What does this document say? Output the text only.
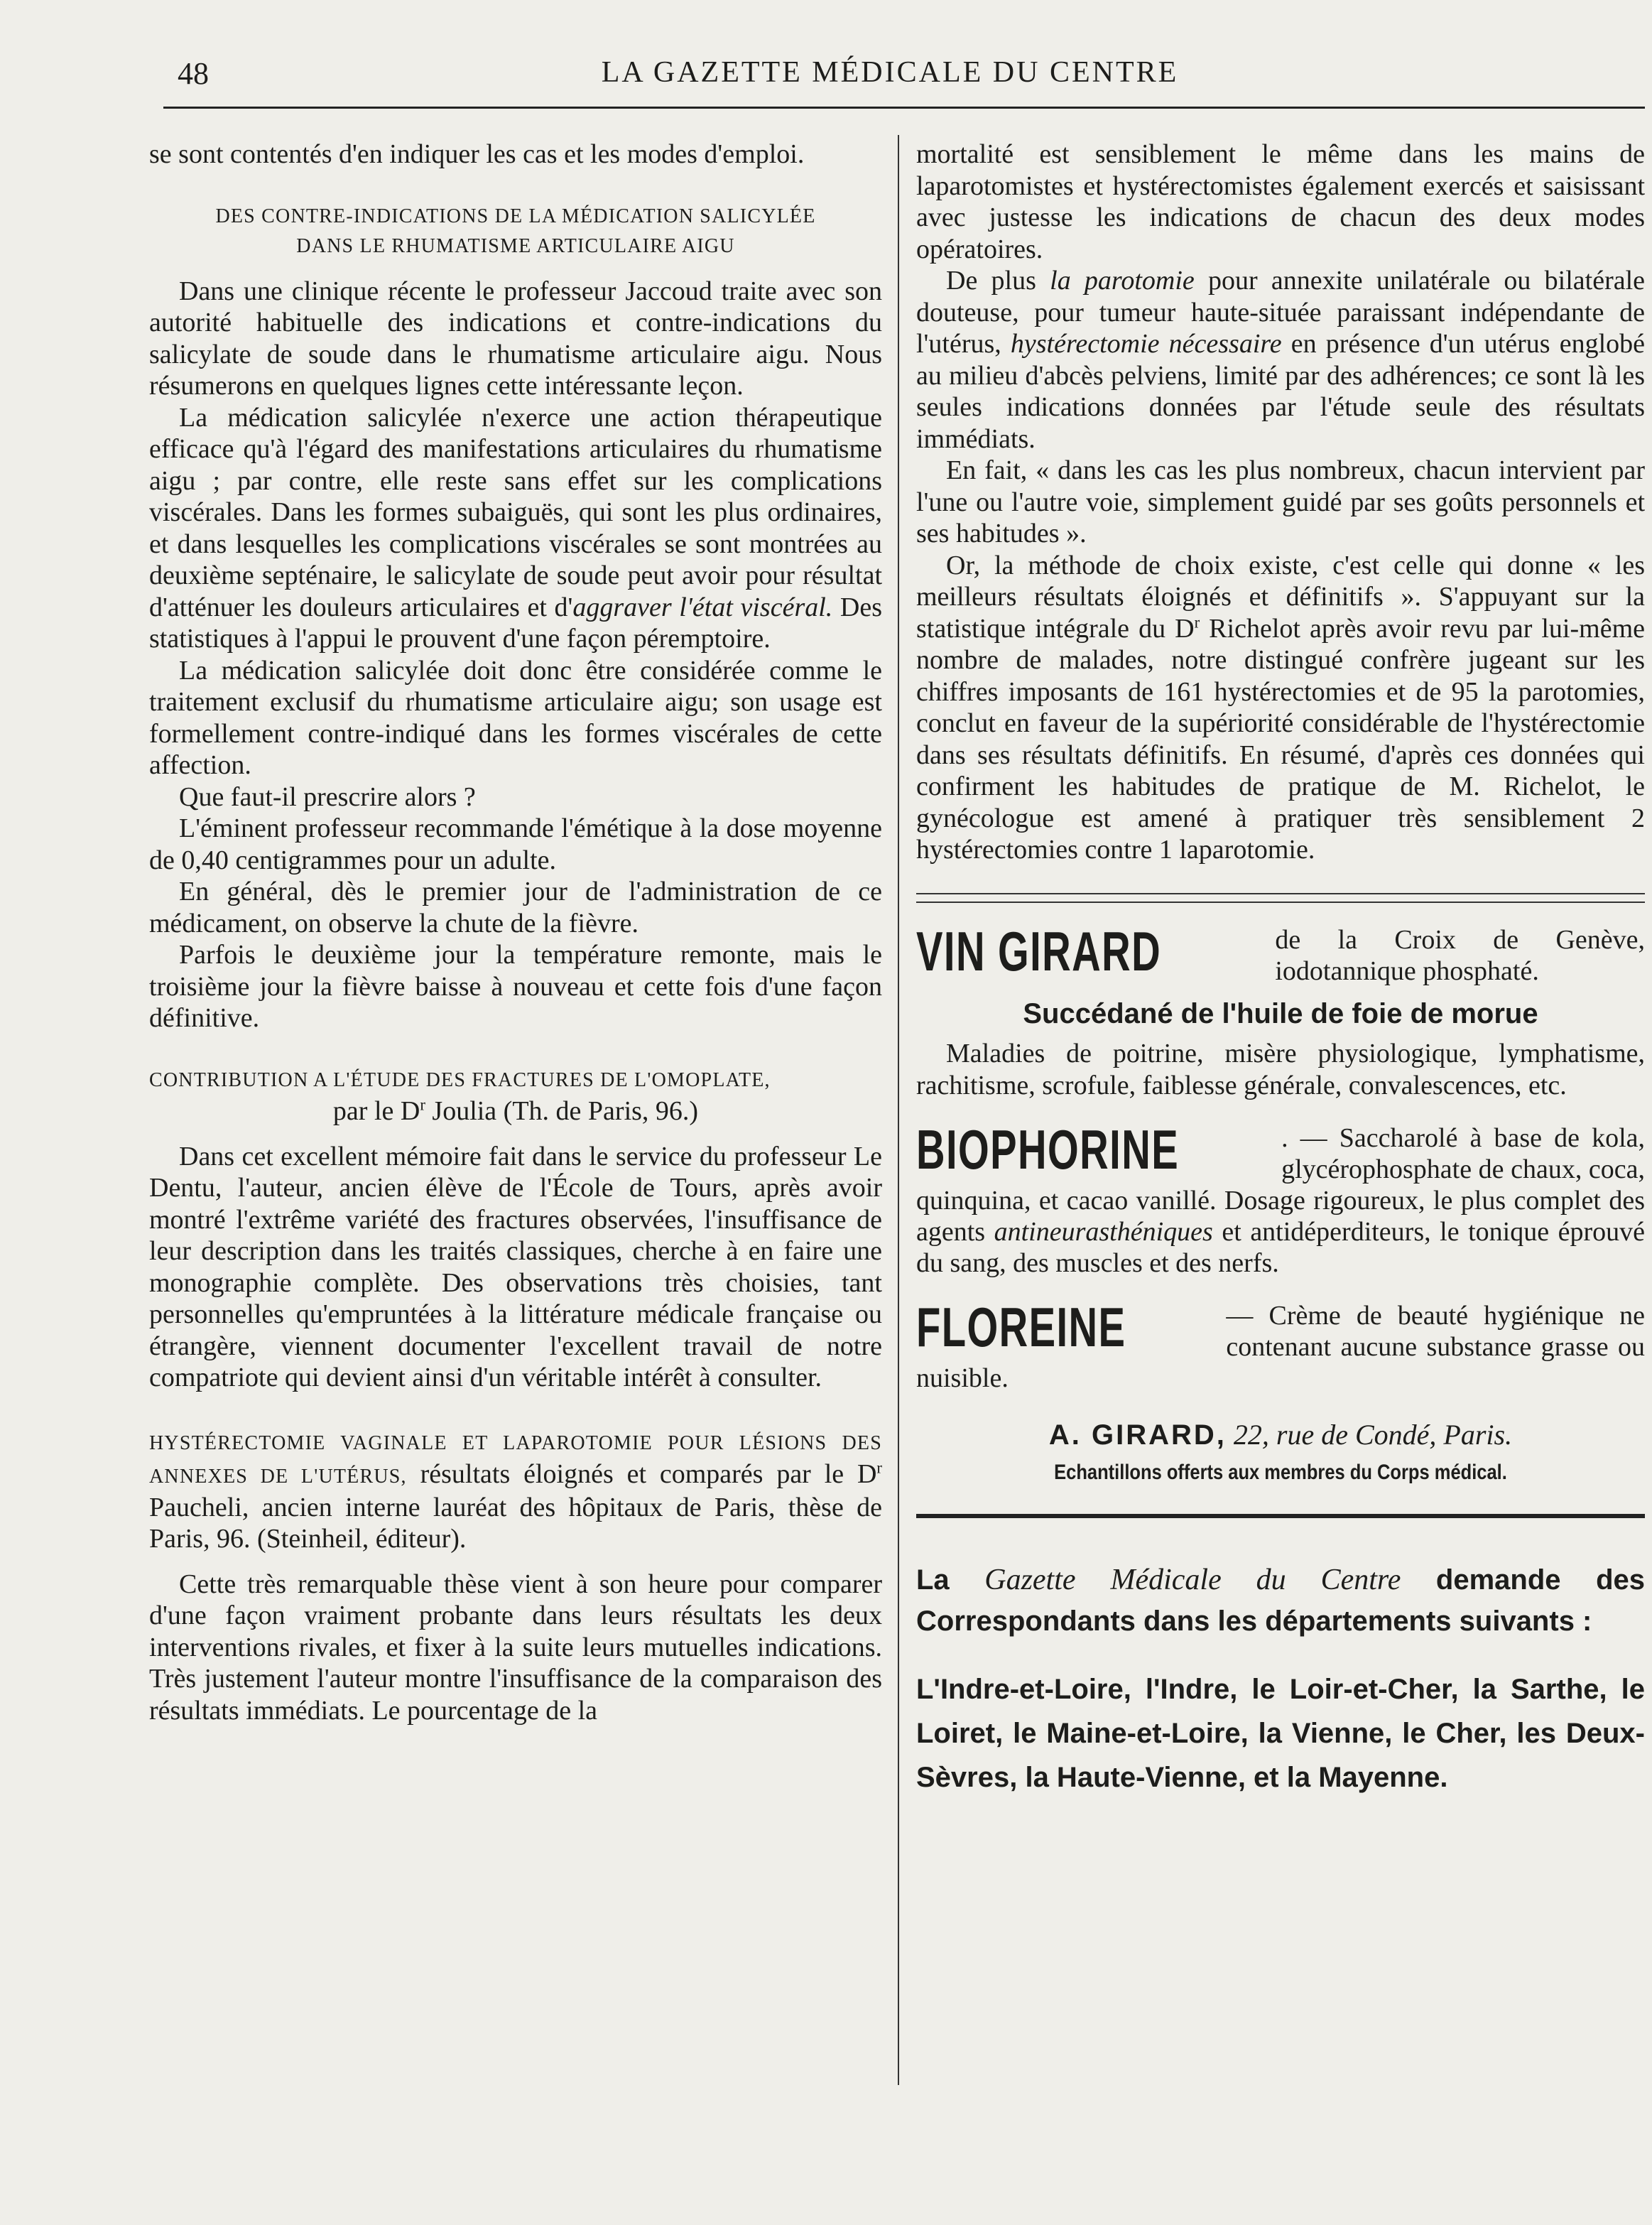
48	LA GAZETTE MÉDICALE DU CENTRE

se sont contentés d'en indiquer les cas et les modes d'emploi.

DES CONTRE-INDICATIONS DE LA MÉDICATION SALICYLÉE
DANS LE RHUMATISME ARTICULAIRE AIGU

Dans une clinique récente le professeur Jaccoud traite avec son autorité habituelle des indications et contre-indications du salicylate de soude dans le rhumatisme articulaire aigu. Nous résumerons en quelques lignes cette intéressante leçon.

La médication salicylée n'exerce une action thérapeutique efficace qu'à l'égard des manifestations articulaires du rhumatisme aigu ; par contre, elle reste sans effet sur les complications viscérales. Dans les formes subaiguës, qui sont les plus ordinaires, et dans lesquelles les complications viscérales se sont montrées au deuxième septénaire, le salicylate de soude peut avoir pour résultat d'atténuer les douleurs articulaires et d'aggraver l'état viscéral. Des statistiques à l'appui le prouvent d'une façon péremptoire.

La médication salicylée doit donc être considérée comme le traitement exclusif du rhumatisme articulaire aigu; son usage est formellement contre-indiqué dans les formes viscérales de cette affection.

Que faut-il prescrire alors ?

L'éminent professeur recommande l'émétique à la dose moyenne de 0,40 centigrammes pour un adulte.

En général, dès le premier jour de l'administration de ce médicament, on observe la chute de la fièvre.

Parfois le deuxième jour la température remonte, mais le troisième jour la fièvre baisse à nouveau et cette fois d'une façon définitive.

CONTRIBUTION A L'ÉTUDE DES FRACTURES DE L'OMOPLATE,

par le $D^r$ Joulia (Th. de Paris, 96.)

Dans cet excellent mémoire fait dans le service du professeur Le Dentu, l'auteur, ancien élève de l'École de Tours, après avoir montré l'extrême variété des fractures observées, l'insuffisance de leur description dans les traités classiques, cherche à en faire une monographie complète. Des observations très choisies, tant personnelles qu'empruntées à la littérature médicale française ou étrangère, viennent documenter l'excellent travail de notre compatriote qui devient ainsi d'un véritable intérêt à consulter.

HYSTÉRECTOMIE VAGINALE ET LAPAROTOMIE POUR LÉSIONS DES ANNEXES DE L'UTÉRUS, résultats éloignés et comparés par le $D^r$ Paucheli, ancien interne lauréat des hôpitaux de Paris, thèse de Paris, 96. (Steinheil, éditeur).

Cette très remarquable thèse vient à son heure pour comparer d'une façon vraiment probante dans leurs résultats les deux interventions rivales, et fixer à la suite leurs mutuelles indications. Très justement l'auteur montre l'insuffisance de la comparaison des résultats immédiats. Le pourcentage de la

mortalité est sensiblement le même dans les mains de laparotomistes et hystérectomistes également exercés et saisissant avec justesse les indications de chacun des deux modes opératoires.

De plus la parotomie pour annexite unilatérale ou bilatérale douteuse, pour tumeur haute-située paraissant indépendante de l'utérus, hystérectomie nécessaire en présence d'un utérus englobé au milieu d'abcès pelviens, limité par des adhérences; ce sont là les seules indications données par l'étude seule des résultats immédiats.

En fait, « dans les cas les plus nombreux, chacun intervient par l'une ou l'autre voie, simplement guidé par ses goûts personnels et ses habitudes ».

Or, la méthode de choix existe, c'est celle qui donne « les meilleurs résultats éloignés et définitifs ». S'appuyant sur la statistique intégrale du $D^r$ Richelot après avoir revu par lui-même nombre de malades, notre distingué confrère jugeant sur les chiffres imposants de 161 hystérectomies et de 95 la parotomies, conclut en faveur de la supériorité considérable de l'hystérectomie dans ses résultats définitifs. En résumé, d'après ces données qui confirment les habitudes de pratique de M. Richelot, le gynécologue est amené à pratiquer très sensiblement 2 hystérectomies contre 1 laparotomie.

VIN GIRARD	de la Croix de Genève, iodotannique phosphaté.

Succédané de l'huile de foie de morue

Maladies de poitrine, misère physiologique, lymphatisme, rachitisme, scrofule, faiblesse générale, convalescences, etc.

BIOPHORINE	. — Saccharolé à base de kola, glycérophosphate de chaux, coca, quinquina, et cacao vanillé. Dosage rigoureux, le plus complet des agents antineurasthéniques et antidéperditeurs, le tonique éprouvé du sang, des muscles et des nerfs.

FLOREINE	— Crème de beauté hygiénique ne contenant aucune substance grasse ou nuisible.

A. GIRARD, 22, rue de Condé, Paris.
Echantillons offerts aux membres du Corps médical.

La Gazette Médicale du Centre demande des Correspondants dans les départements suivants :

L'Indre-et-Loire, l'Indre, le Loir-et-Cher, la Sarthe, le Loiret, le Maine-et-Loire, la Vienne, le Cher, les Deux-Sèvres, la Haute-Vienne, et la Mayenne.
